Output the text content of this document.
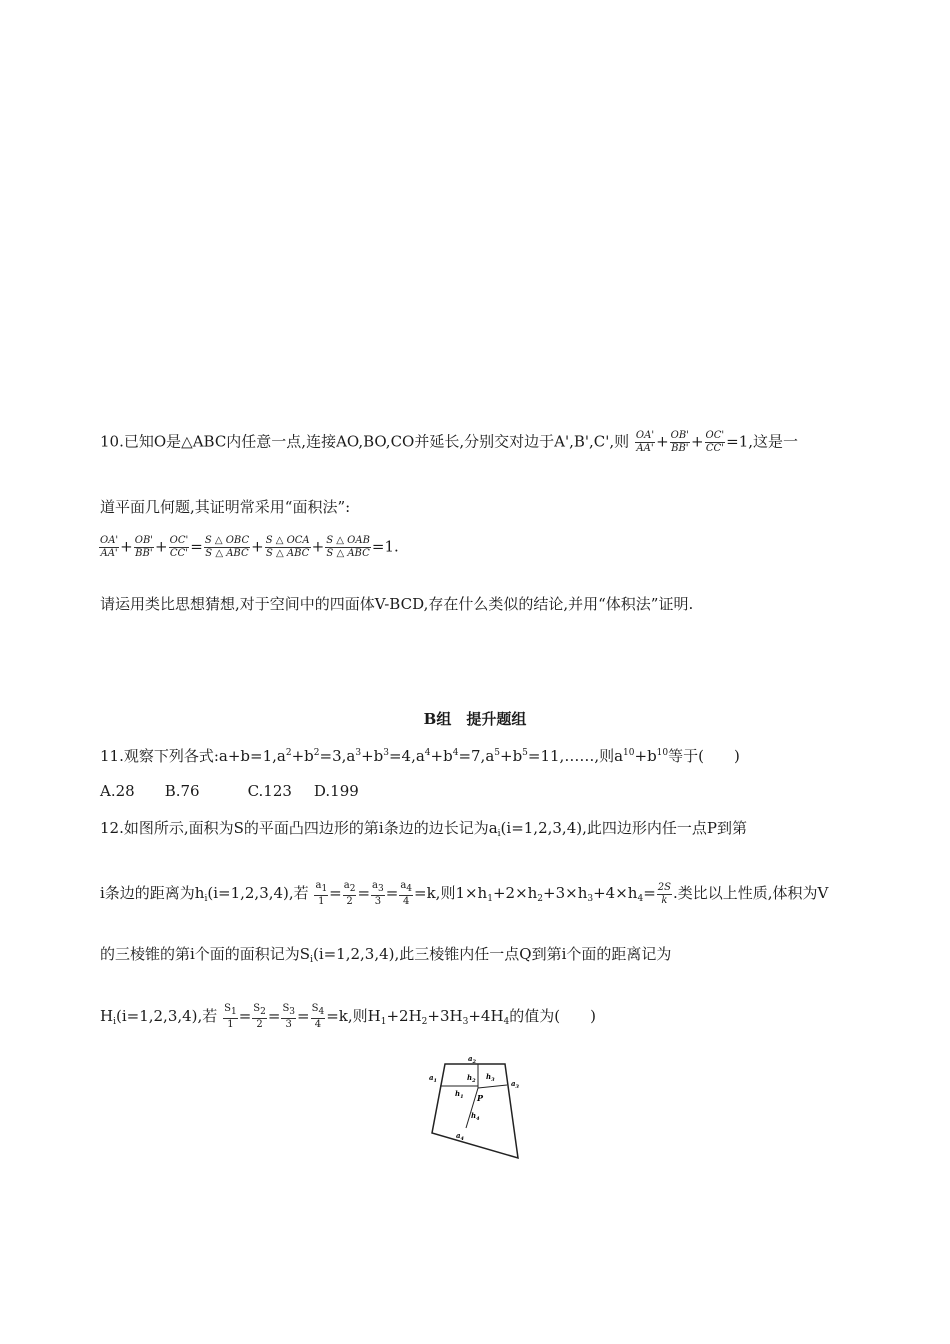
10.已知O是△ABC内任意一点,连接AO,BO,CO并延长,分别交对边于A',B',C',则 $\frac{OA'}{AA'} + \frac{OB'}{BB'} + \frac{OC'}{CC'} =1$,这是一
道平面几何题,其证明常采用“面积法”:
$\frac{OA'}{AA'} + \frac{OB'}{BB'} + \frac{OC'}{CC'} = \frac{\text{S △ OBC}}{\text{S △ ABC}} + \frac{\text{S △ OCA}}{\text{S △ ABC}} + \frac{\text{S △ OAB}}{\text{S △ ABC}} =1$.
请运用类比思想猜想,对于空间中的四面体V-BCD,存在什么类似的结论,并用“体积法”证明.
B组　提升题组
11.观察下列各式$:a+b=1,a^2+b^2=3,a^3+b^3=4,a^4+b^4=7,a^5+b^5=11,\dots\dots$,则$a^{10}+b^{10}$等于(　　)
A.28 B.76	C.123 D.199
12.如图所示,面积为S的平面凸四边形的第i条边的边长记为$a_i(i=1,2,3,4)$,此四边形内任一点P到第
i条边的距离为$h_i(i=1,2,3,4)$,若 $\frac{a1}{1} = \frac{a2}{2} = \frac{a3}{3} = \frac{a4}{4} =k$,则$1\times h_1+2\times h_2+3\times h_3+4\times h_4= \frac{2S}{k}$ .类比以上性质,体积为V
的三棱锥的第i个面的面积记为$S_i(i=1,2,3,4)$,此三棱锥内任一点Q到第i个面的距离记为
$H_i(i=1,2,3,4)$,若 $\frac{S1}{1} = \frac{S2}{2} = \frac{S3}{3} = \frac{S4}{4} =k$,则$H_1+2H_2+3H_3+4H_4$的值为(　　)
$a_2$
$a_1$	$a_3$
$a_4$
$h_2$ $h_3$
$h_1$ P
$h_4$
